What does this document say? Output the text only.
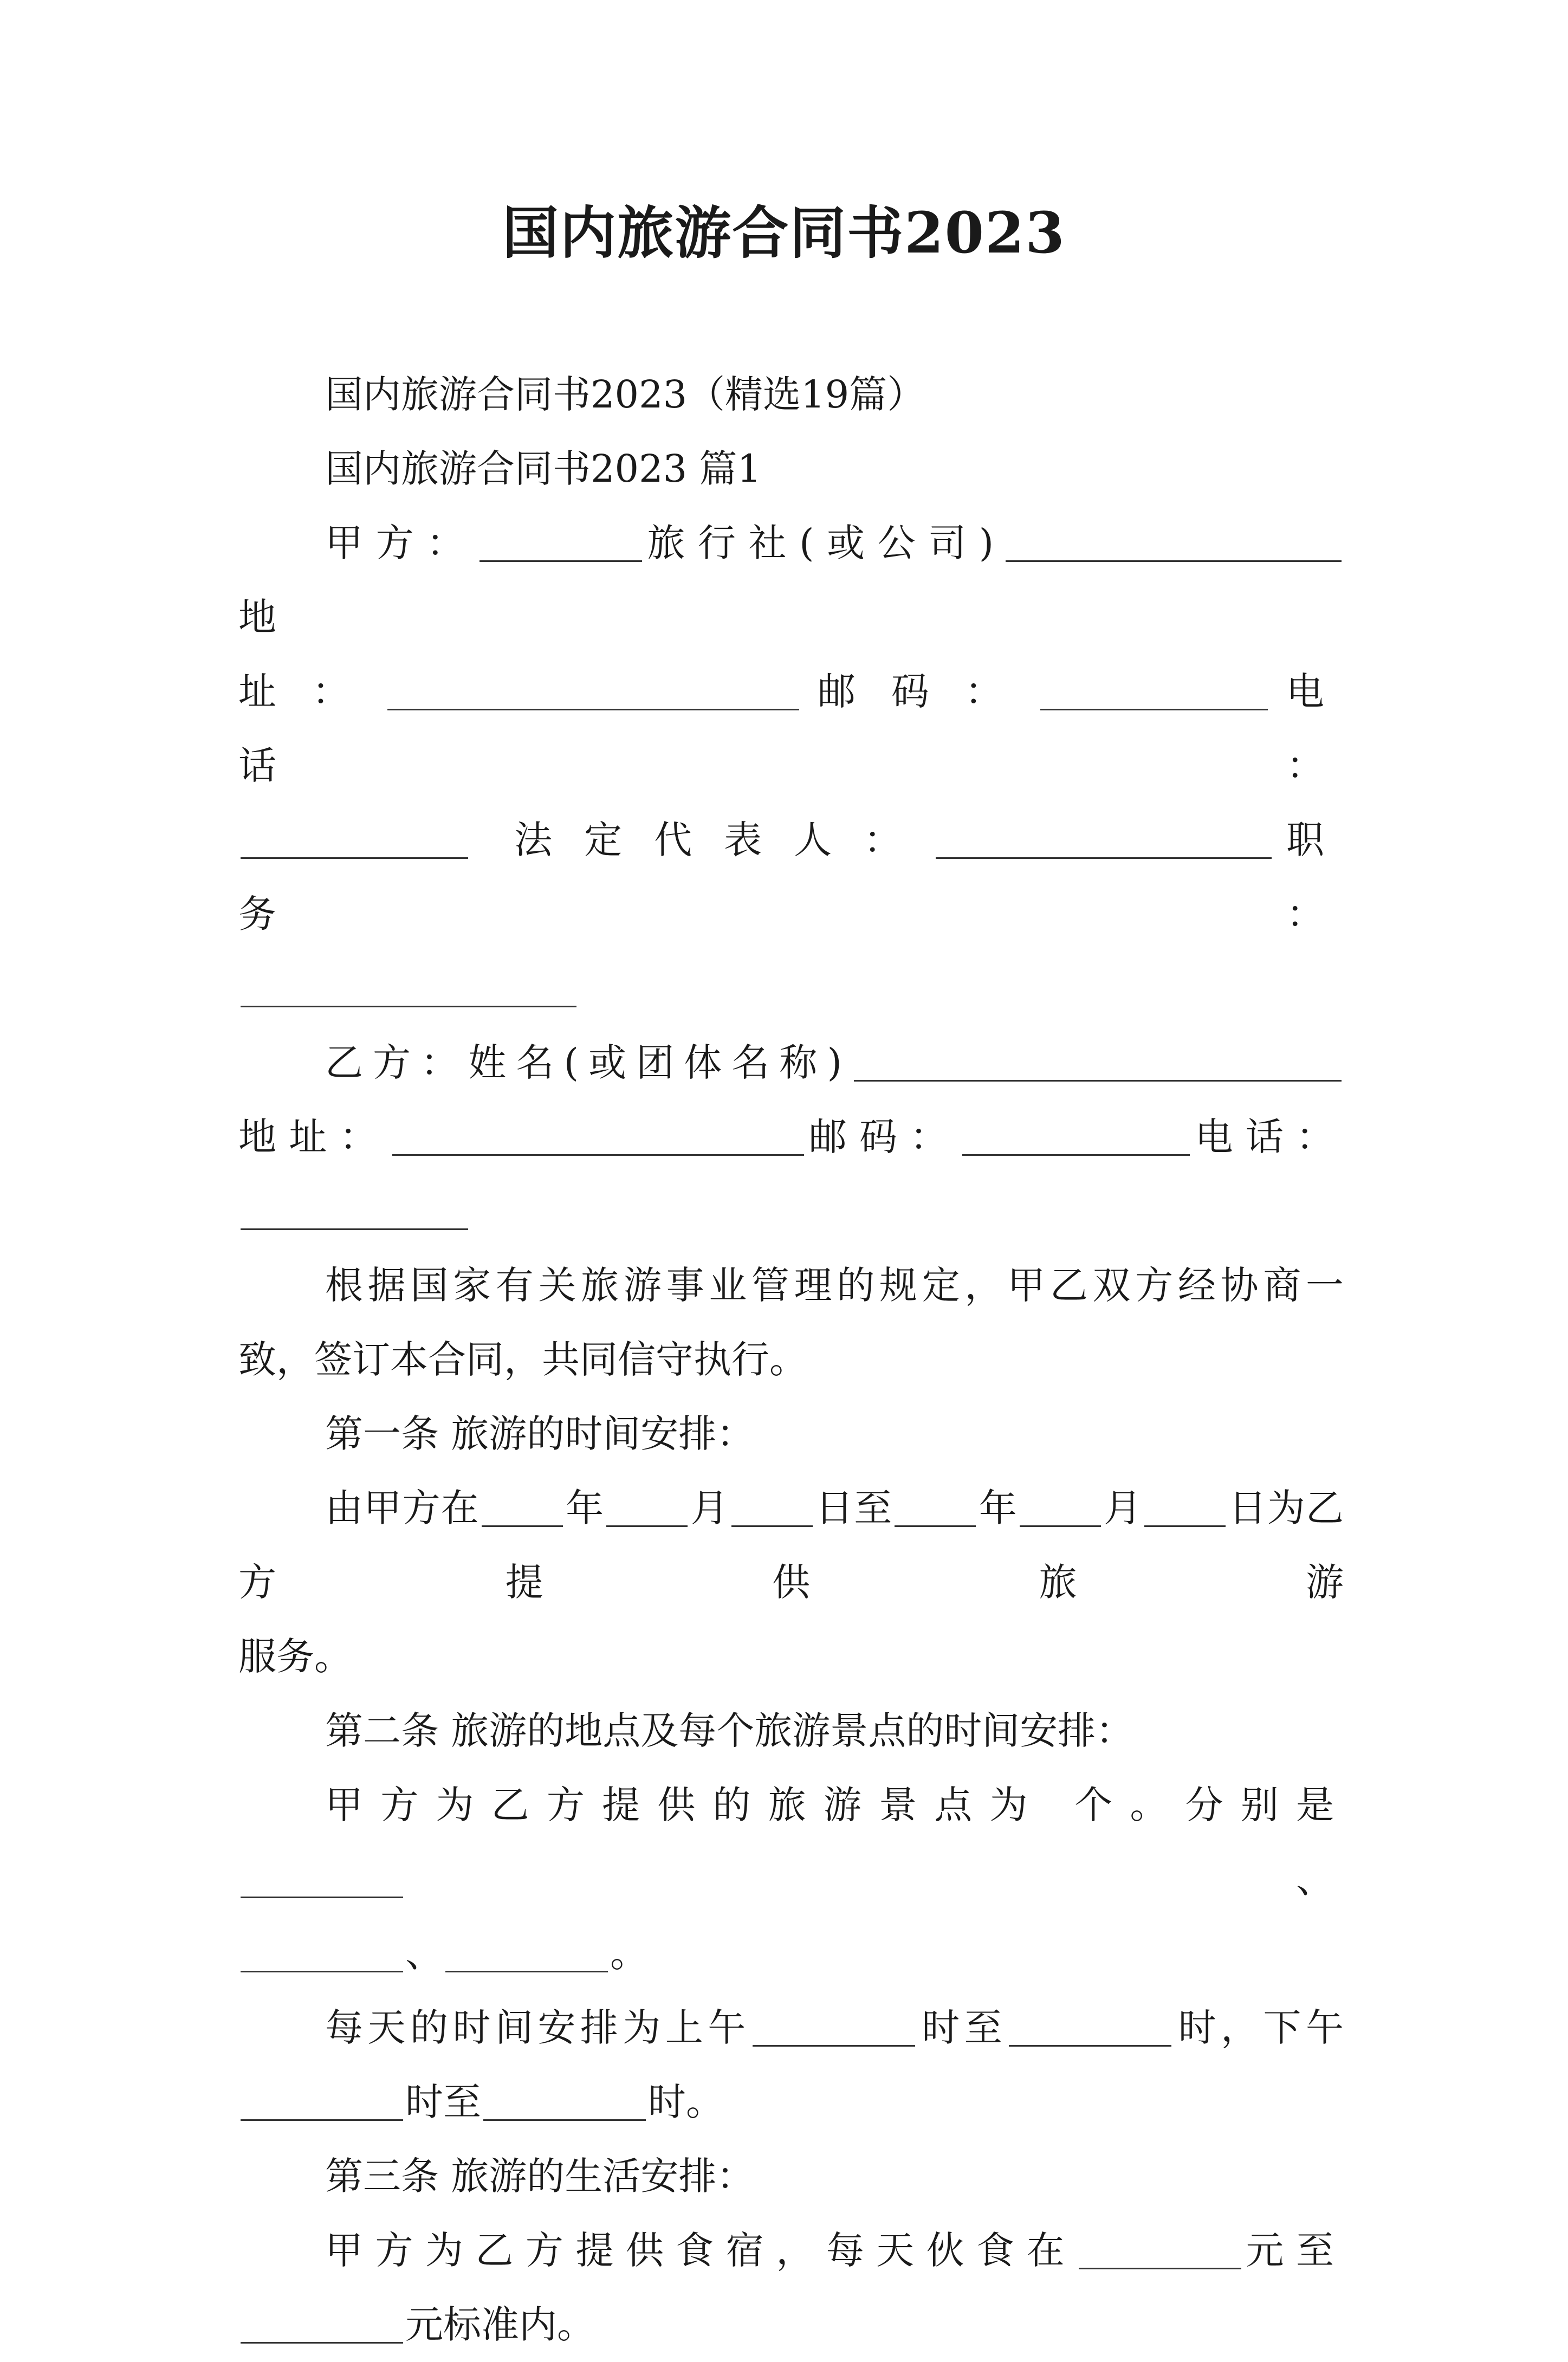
国内旅游合同书2023

国内旅游合同书2023（精选19篇）

国内旅游合同书2023 篇1

甲方：	旅行社(或公司) 地

址：	邮码：	电话：

法定代表人：	职务：

乙方：姓名(或团体名称)

地址：	邮码：	电话：

根据国家有关旅游事业管理的规定，甲乙双方经协商一

致，签订本合同，共同信守执行。

第一条 旅游的时间安排：

由甲方在 年 月 日至 年 月 日为乙方提供旅游

服务。

第二条 旅游的地点及每个旅游景点的时间安排：

甲方为乙方提供的旅游景点为 个。分别是、

、	。

每天的时间安排为上午	时至	时，下午

时至	时。

第三条 旅游的生活安排：

甲方为乙方提供食宿，每天伙食在	元至

元标准内。
